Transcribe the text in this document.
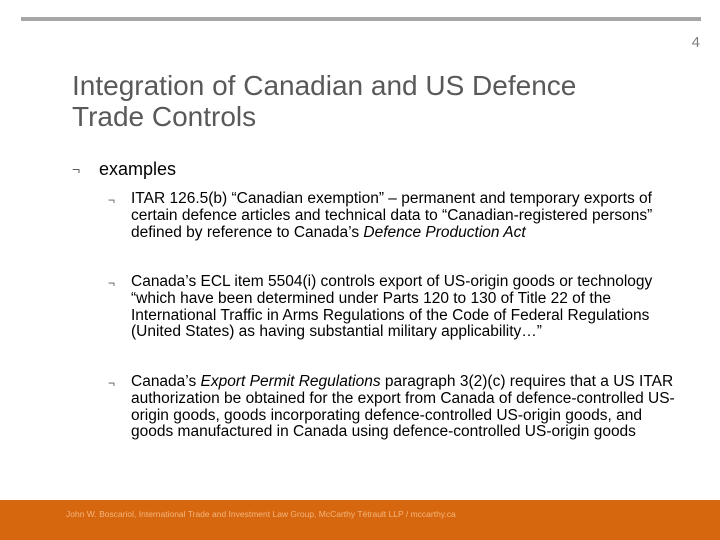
4
Integration of Canadian and US Defence
Trade Controls
¬ examples
¬ ITAR 126.5(b) “Canadian exemption” – permanent and temporary exports of certain defence articles and technical data to “Canadian-registered persons” defined by reference to Canada’s Defence Production Act
¬ Canada’s ECL item 5504(i) controls export of US-origin goods or technology “which have been determined under Parts 120 to 130 of Title 22 of the International Traffic in Arms Regulations of the Code of Federal Regulations (United States) as having substantial military applicability…”
¬ Canada’s Export Permit Regulations paragraph 3(2)(c) requires that a US ITAR authorization be obtained for the export from Canada of defence-controlled US-origin goods, goods incorporating defence-controlled US-origin goods, and goods manufactured in Canada using defence-controlled US-origin goods
John W. Boscariol, International Trade and Investment Law Group, McCarthy Tétrault LLP / mccarthy.ca
